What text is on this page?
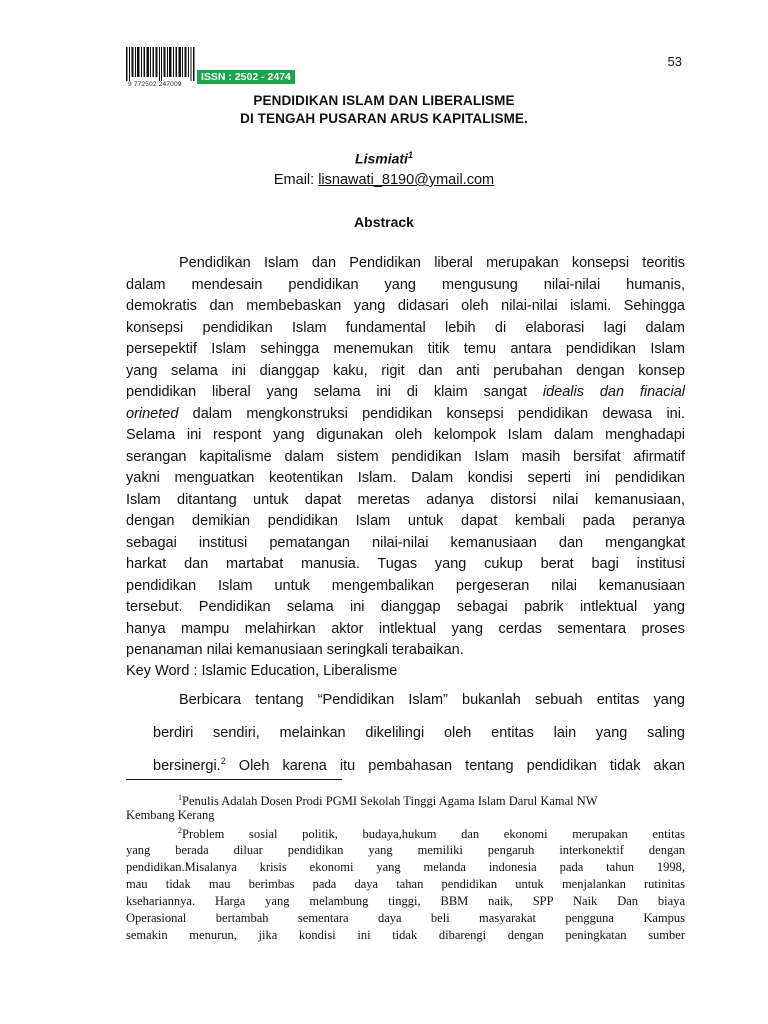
53
9 772502 247009
ISSN : 2502 - 2474
PENDIDIKAN ISLAM DAN LIBERALISME
DI TENGAH PUSARAN ARUS KAPITALISME.
Lismiati$^1$
Email: lisnawati_8190@ymail.com
Abstrack
Pendidikan Islam dan Pendidikan liberal merupakan konsepsi teoritis
dalam mendesain pendidikan yang mengusung nilai-nilai humanis,
demokratis dan membebaskan yang didasari oleh nilai-nilai islami. Sehingga
konsepsi pendidikan Islam fundamental lebih di elaborasi lagi dalam
persepektif Islam sehingga menemukan titik temu antara pendidikan Islam
yang selama ini dianggap kaku, rigit dan anti perubahan dengan konsep
pendidikan liberal yang selama ini di klaim sangat idealis dan finacial
orineted dalam mengkonstruksi pendidikan konsepsi pendidikan dewasa ini.
Selama ini respont yang digunakan oleh kelompok Islam dalam menghadapi
serangan kapitalisme dalam sistem pendidikan Islam masih bersifat afirmatif
yakni menguatkan keotentikan Islam. Dalam kondisi seperti ini pendidikan
Islam ditantang untuk dapat meretas adanya distorsi nilai kemanusiaan,
dengan demikian pendidikan Islam untuk dapat kembali pada peranya
sebagai institusi pematangan nilai-nilai kemanusiaan dan mengangkat
harkat dan martabat manusia. Tugas yang cukup berat bagi institusi
pendidikan Islam untuk mengembalikan pergeseran nilai kemanusiaan
tersebut. Pendidikan selama ini dianggap sebagai pabrik intlektual yang
hanya mampu melahirkan aktor intlektual yang cerdas sementara proses
penanaman nilai kemanusiaan seringkali terabaikan.
Key Word : Islamic Education, Liberalisme
Berbicara tentang “Pendidikan Islam” bukanlah sebuah entitas yang
berdiri sendiri, melainkan dikelilingi oleh entitas lain yang saling
bersinergi.$^2$ Oleh karena itu pembahasan tentang pendidikan tidak akan
$^1$Penulis Adalah Dosen Prodi PGMI Sekolah Tinggi Agama Islam Darul Kamal NW
Kembang Kerang
$^2$Problem sosial politik, budaya,hukum dan ekonomi merupakan entitas
yang berada diluar pendidikan yang memiliki pengaruh interkonektif dengan
pendidikan.Misalanya krisis ekonomi yang melanda indonesia pada tahun 1998,
mau tidak mau berimbas pada daya tahan pendidikan untuk menjalankan rutinitas
ksehariannya. Harga yang melambung tinggi, BBM naik, SPP Naik Dan biaya
Operasional bertambah sementara daya beli masyarakat pengguna Kampus
semakin menurun, jika kondisi ini tidak dibarengi dengan peningkatan sumber
